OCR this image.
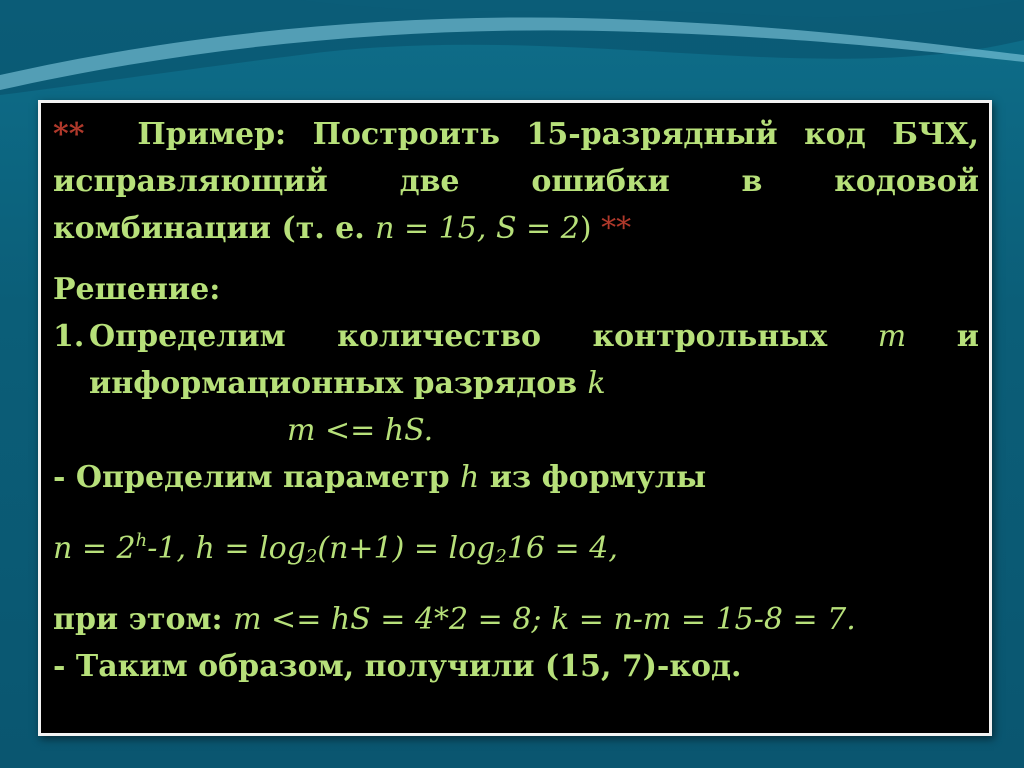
** Пример: Построить 15-разрядный код БЧХ,
исправляющий две ошибки в кодовой
комбинации (т. е. n = 15, S = 2) **
Решение:
1. Определим количество контрольных m и
информационных разрядов k
m <= hS.
- Определим параметр h из формулы
$n = 2^h-1$, $h = \log_2(n+1) = \log_216 = 4$,
при этом: m <= hS = 4*2 = 8; k = n-m = 15-8 = 7.
- Таким образом, получили (15, 7)-код.
